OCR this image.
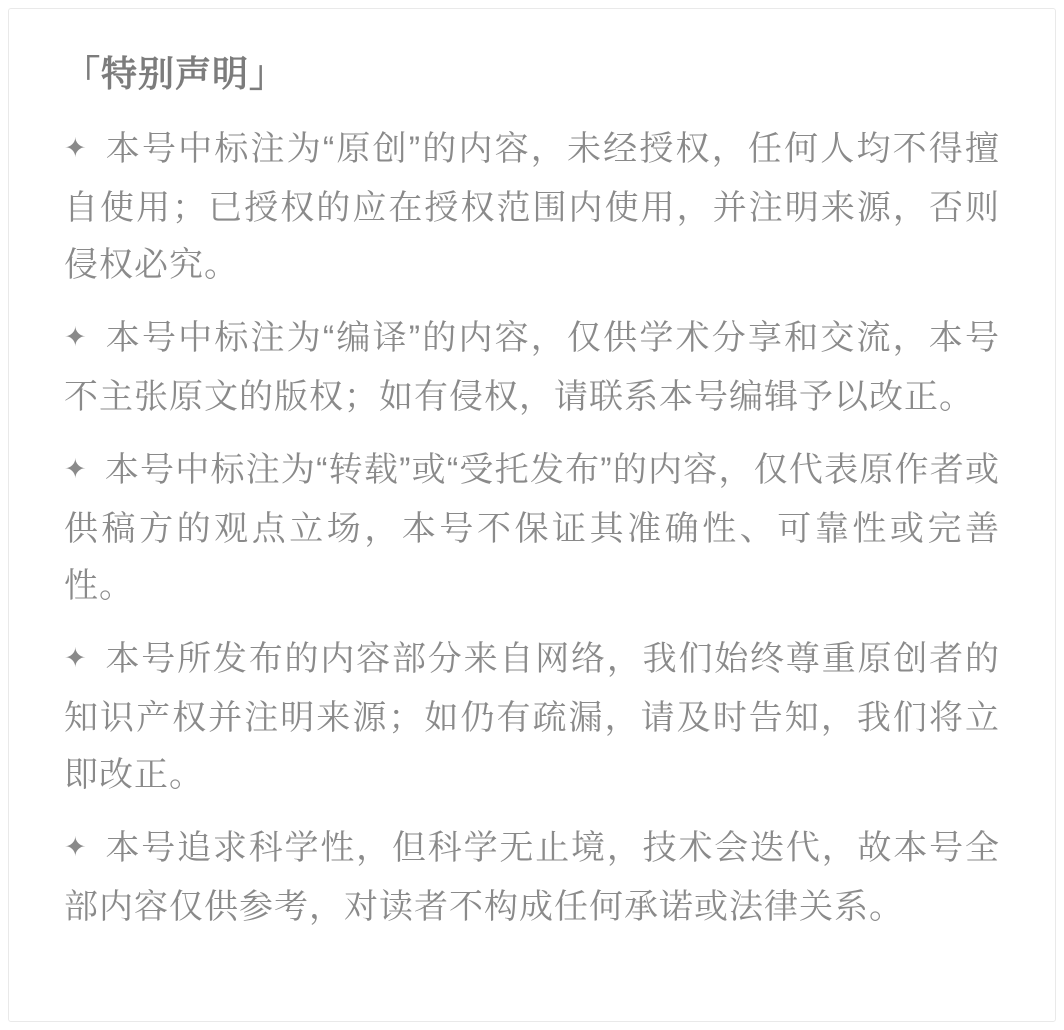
「特别声明」

✦ 本号中标注为“原创”的内容，未经授权，任何人均不得擅自使用；已授权的应在授权范围内使用，并注明来源，否则侵权必究。

✦ 本号中标注为“编译”的内容，仅供学术分享和交流，本号不主张原文的版权；如有侵权，请联系本号编辑予以改正。

✦ 本号中标注为“转载”或“受托发布”的内容，仅代表原作者或供稿方的观点立场，本号不保证其准确性、可靠性或完善性。

✦ 本号所发布的内容部分来自网络，我们始终尊重原创者的知识产权并注明来源；如仍有疏漏，请及时告知，我们将立即改正。

✦ 本号追求科学性，但科学无止境，技术会迭代，故本号全部内容仅供参考，对读者不构成任何承诺或法律关系。
